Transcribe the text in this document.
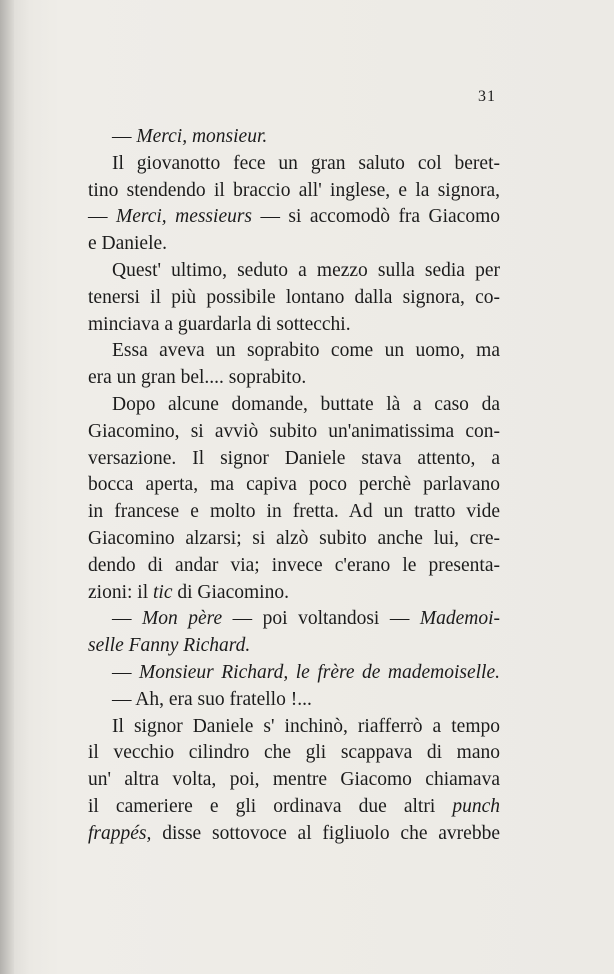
31
— Merci, monsieur.
Il giovanotto fece un gran saluto col beret-
tino stendendo il braccio all' inglese, e la signora,
— Merci, messieurs — si accomodò fra Giacomo
e Daniele.
Quest' ultimo, seduto a mezzo sulla sedia per
tenersi il più possibile lontano dalla signora, co-
minciava a guardarla di sottecchi.
Essa aveva un soprabito come un uomo, ma
era un gran bel.... soprabito.
Dopo alcune domande, buttate là a caso da
Giacomino, si avviò subito un'animatissima con-
versazione. Il signor Daniele stava attento, a
bocca aperta, ma capiva poco perchè parlavano
in francese e molto in fretta. Ad un tratto vide
Giacomino alzarsi; si alzò subito anche lui, cre-
dendo di andar via; invece c'erano le presenta-
zioni: il tic di Giacomino.
— Mon père — poi voltandosi — Mademoi-
selle Fanny Richard.
— Monsieur Richard, le frère de mademoiselle.
— Ah, era suo fratello !...
Il signor Daniele s' inchinò, riafferrò a tempo
il vecchio cilindro che gli scappava di mano
un' altra volta, poi, mentre Giacomo chiamava
il cameriere e gli ordinava due altri punch
frappés, disse sottovoce al figliuolo che avrebbe
